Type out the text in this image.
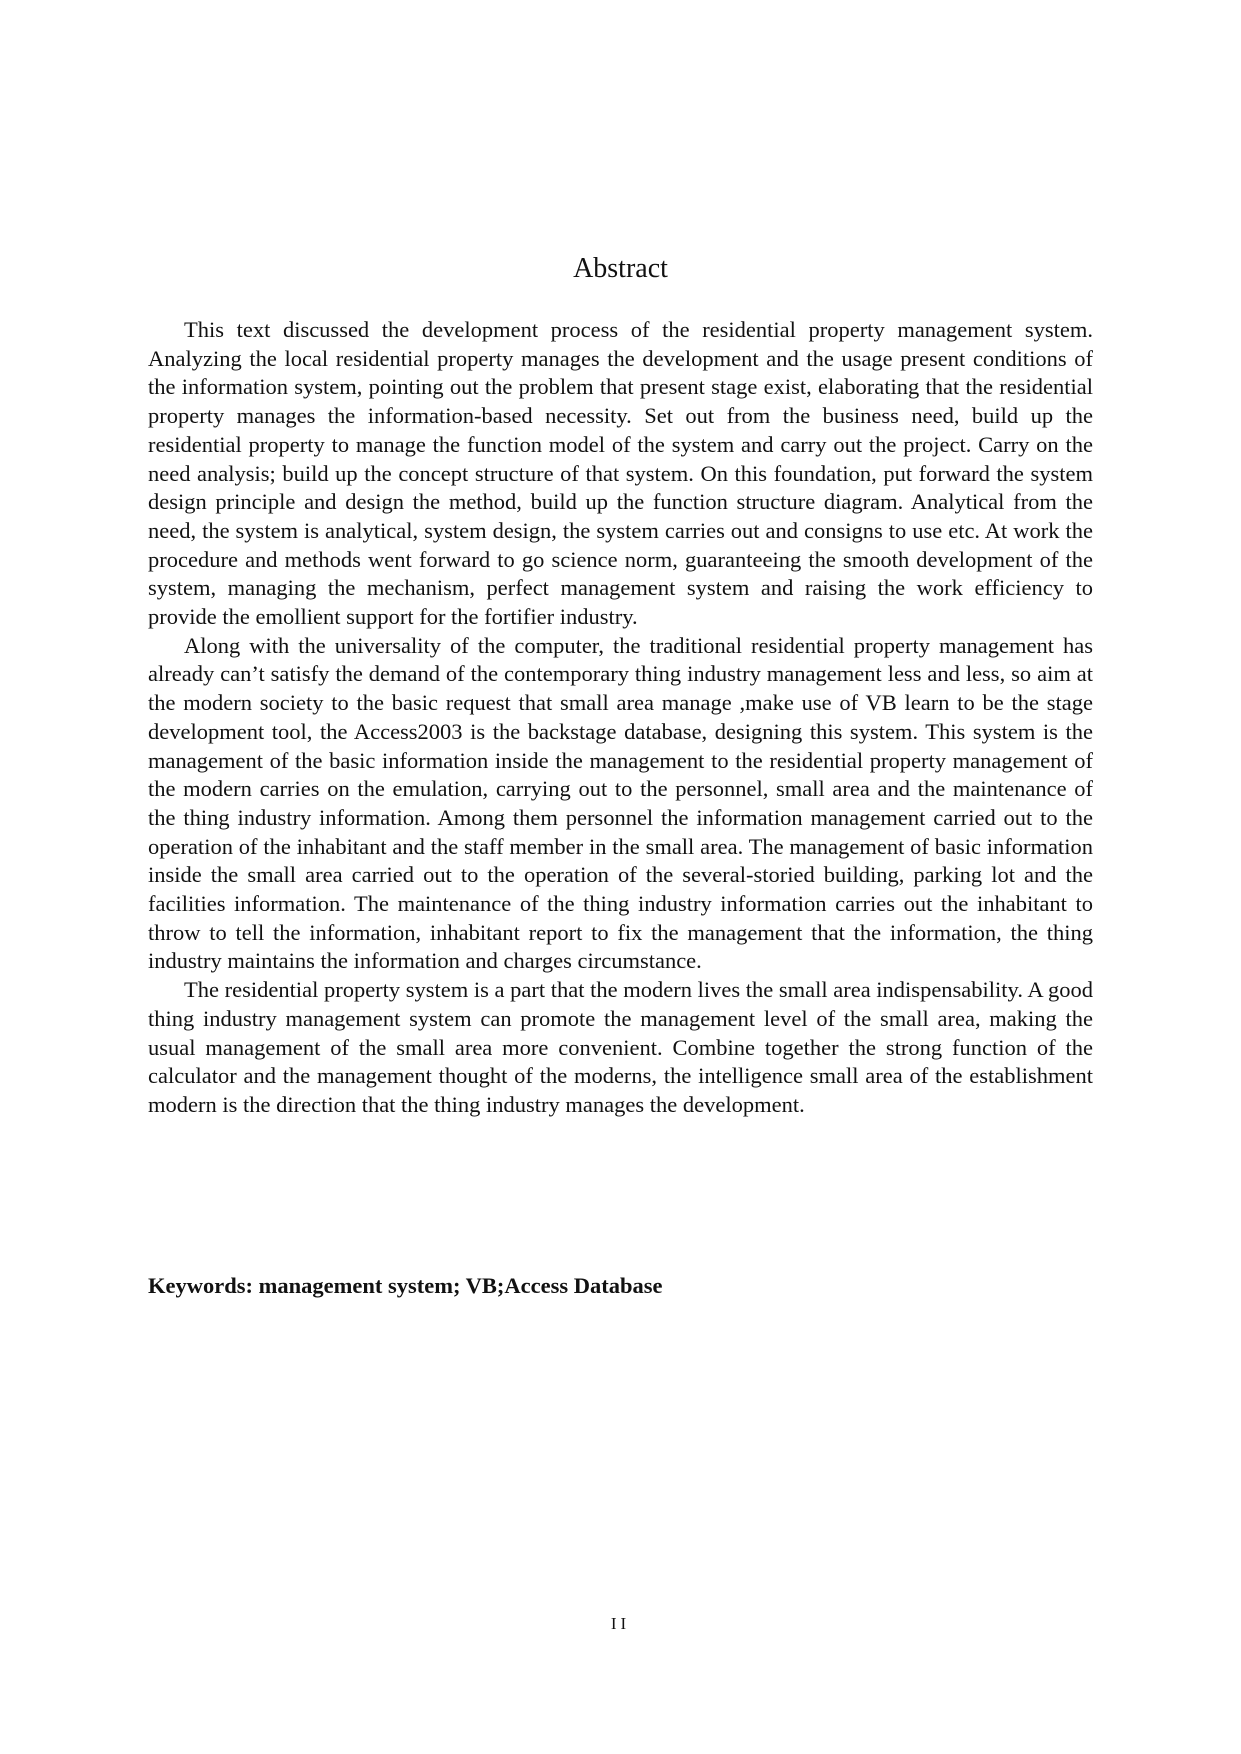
Abstract

This text discussed the development process of the residential property management system. Analyzing the local residential property manages the development and the usage present conditions of the information system, pointing out the problem that present stage exist, elaborating that the residential property manages the information-based necessity. Set out from the business need, build up the residential property to manage the function model of the system and carry out the project. Carry on the need analysis; build up the concept structure of that system. On this foundation, put forward the system design principle and design the method, build up the function structure diagram. Analytical from the need, the system is analytical, system design, the system carries out and consigns to use etc. At work the procedure and methods went forward to go science norm, guaranteeing the smooth development of the system, managing the mechanism, perfect management system and raising the work efficiency to provide the emollient support for the fortifier industry.

Along with the universality of the computer, the traditional residential property management has already can’t satisfy the demand of the contemporary thing industry management less and less, so aim at the modern society to the basic request that small area manage ,make use of VB learn to be the stage development tool, the Access2003 is the backstage database, designing this system. This system is the management of the basic information inside the management to the residential property management of the modern carries on the emulation, carrying out to the personnel, small area and the maintenance of the thing industry information. Among them personnel the information management carried out to the operation of the inhabitant and the staff member in the small area. The management of basic information inside the small area carried out to the operation of the several-storied building, parking lot and the facilities information. The maintenance of the thing industry information carries out the inhabitant to throw to tell the information, inhabitant report to fix the management that the information, the thing industry maintains the information and charges circumstance.

The residential property system is a part that the modern lives the small area indispensability. A good thing industry management system can promote the management level of the small area, making the usual management of the small area more convenient. Combine together the strong function of the calculator and the management thought of the moderns, the intelligence small area of the establishment modern is the direction that the thing industry manages the development.

Keywords: management system; VB;Access Database

II
